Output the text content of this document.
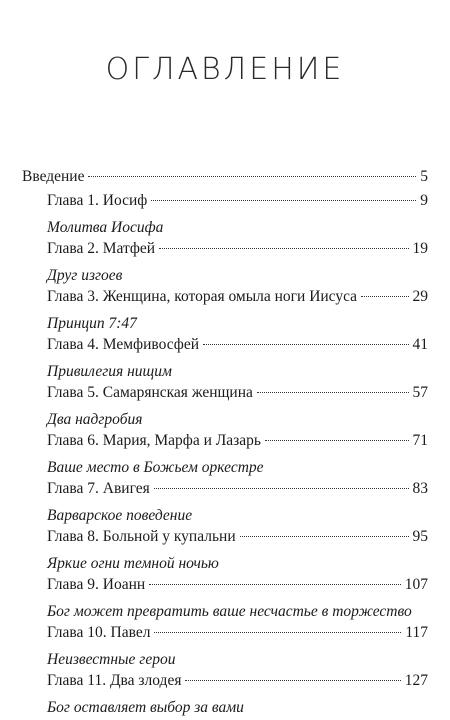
ОГЛАВЛЕНИЕ
Введение	5
Глава 1. Иосиф	9
Молитва Иосифа
Глава 2. Матфей	19
Друг изгоев
Глава 3. Женщина, которая омыла ноги Иисуса	29
Принцип 7:47
Глава 4. Мемфивосфей	41
Привилегия нищим
Глава 5. Самарянская женщина	57
Два надгробия
Глава 6. Мария, Марфа и Лазарь	71
Ваше место в Божьем оркестре
Глава 7. Авигея	83
Варварское поведение
Глава 8. Больной у купальни	95
Яркие огни темной ночью
Глава 9. Иоанн	107
Бог может превратить ваше несчастье в торжество
Глава 10. Павел	117
Неизвестные герои
Глава 11. Два злодея	127
Бог оставляет выбор за вами
